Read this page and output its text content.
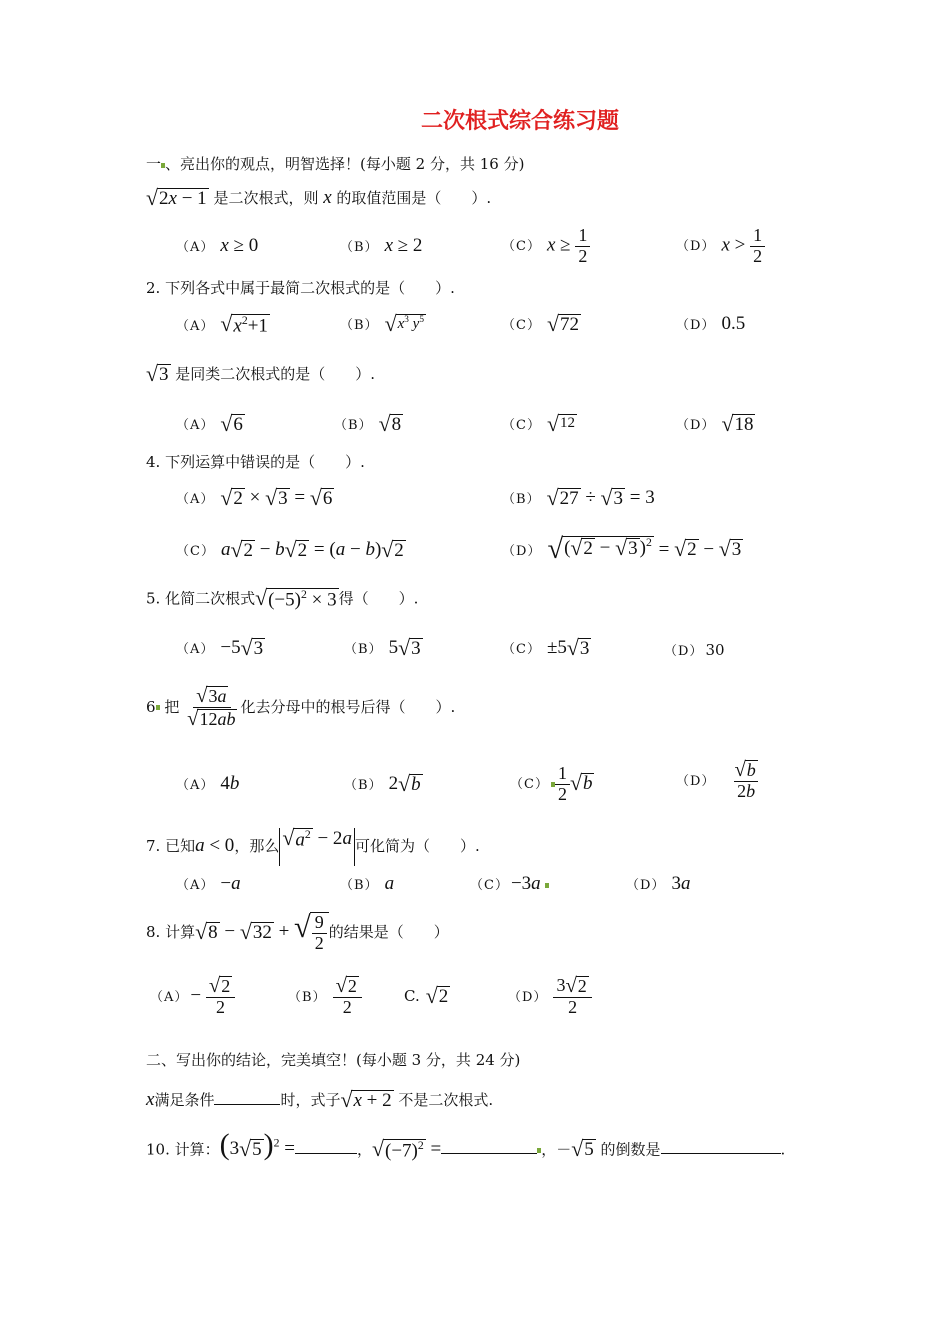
二次根式综合练习题
一 、亮出你的观点，明智选择！(每小题 2 分，共 16 分)
√ 2x − 1 是二次根式，则 x 的取值范围是（　　）.
（A） x ≥ 0	（B） x ≥ 2	（C） $x \ge \frac{1}{2}$	（D） $x > \frac{1}{2}$
2. 下列各式中属于最简二次根式的是（　　）.
（A） √ $x^2+1$	（B） √ $x^3$ $y^5$	（C） √ 72	（D） 0.5
√ 3 是同类二次根式的是（　　）.
（A） √ 6	（B） √ 8	（C） √ 12	（D） √ 18
4. 下列运算中错误的是（　　）.
（A） √ 2 × √ 3 = √ 6	（B） √ 27 ÷ √ 3 = 3
（C） a √ 2 − b √ 2 = (a − b) √ 2	（D） √ ( √ 2 − √ 3 )$^2$ = √ 2 − √ 3
5. 化简二次根式 √ $(-5)^2 \times 3$ 得（　　）.
（A） −5 √ 3	（B） 5 √ 3	（C） ±5 √ 3	（D） 30
6 把 $\frac{√ 3a}{√ 12ab}$ 化去分母中的根号后得（　　）.
（A） 4b	（B） 2 √ b	$(C) \frac{1}{2}$ √ b	$(D) \frac{√ b}{2b}$
7. 已知a < 0，那么 √ $a^2 - 2a$ 可化简为（　　）.
（A） −a	（B） a	（C） −3a	（D） 3a
8. 计算 √ 8 − √ 32 + √ $\frac{9}{2}$ 的结果是（　　）
$(A) - \frac{√ 2}{2}$	$(B) \frac{√ 2}{2}$	C. √ 2	$(D) \frac{3 √ 2}{2}$
二、写出你的结论，完美填空！(每小题 3 分，共 24 分)
x满足条件	时，式子 √ x + 2 不是二次根式.
10. 计算：(3 √ 5 )$^2$ =	， √ $(-7)^2$ =	，－ √ 5 的倒数是	.
